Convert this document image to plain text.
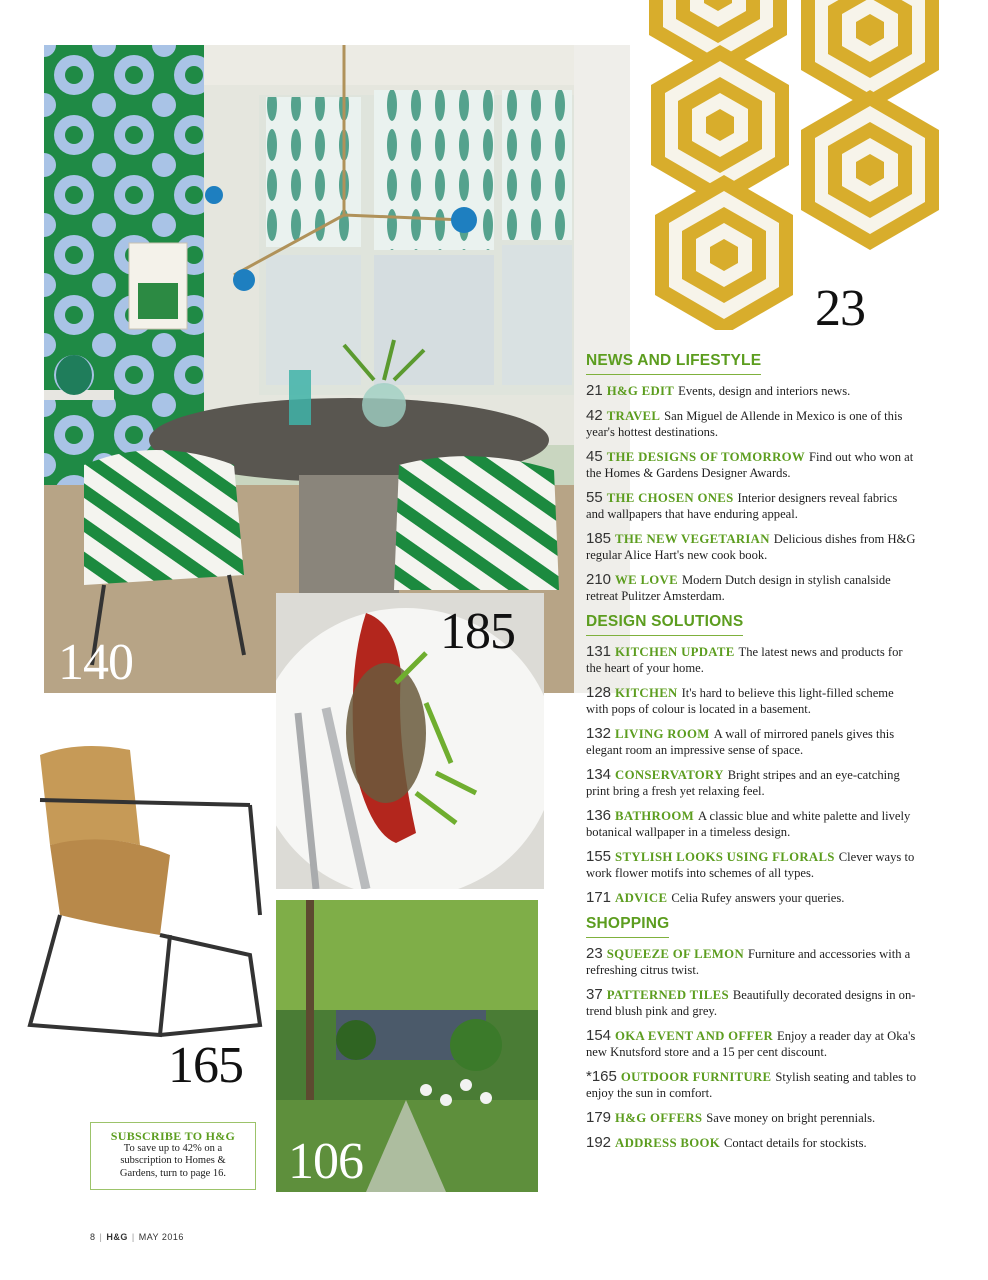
140
23
185
165
106
NEWS AND LIFESTYLE
21 H&G EDIT Events, design and interiors news.
42 TRAVEL San Miguel de Allende in Mexico is one of this year's hottest destinations.
45 THE DESIGNS OF TOMORROW Find out who won at the Homes & Gardens Designer Awards.
55 THE CHOSEN ONES Interior designers reveal fabrics and wallpapers that have enduring appeal.
185 THE NEW VEGETARIAN Delicious dishes from H&G regular Alice Hart's new cook book.
210 WE LOVE Modern Dutch design in stylish canalside retreat Pulitzer Amsterdam.
DESIGN SOLUTIONS
131 KITCHEN UPDATE The latest news and products for the heart of your home.
128 KITCHEN It's hard to believe this light-filled scheme with pops of colour is located in a basement.
132 LIVING ROOM A wall of mirrored panels gives this elegant room an impressive sense of space.
134 CONSERVATORY Bright stripes and an eye-catching print bring a fresh yet relaxing feel.
136 BATHROOM A classic blue and white palette and lively botanical wallpaper in a timeless design.
155 STYLISH LOOKS USING FLORALS Clever ways to work flower motifs into schemes of all types.
171 ADVICE Celia Rufey answers your queries.
SHOPPING
23 SQUEEZE OF LEMON Furniture and accessories with a refreshing citrus twist.
37 PATTERNED TILES Beautifully decorated designs in on-trend blush pink and grey.
154 OKA EVENT AND OFFER Enjoy a reader day at Oka's new Knutsford store and a 15 per cent discount.
*165 OUTDOOR FURNITURE Stylish seating and tables to enjoy the sun in comfort.
179 H&G OFFERS Save money on bright perennials.
192 ADDRESS BOOK Contact details for stockists.
SUBSCRIBE TO H&G
To save up to 42% on a
subscription to Homes &
Gardens, turn to page 16.
8 | H&G | MAY 2016
